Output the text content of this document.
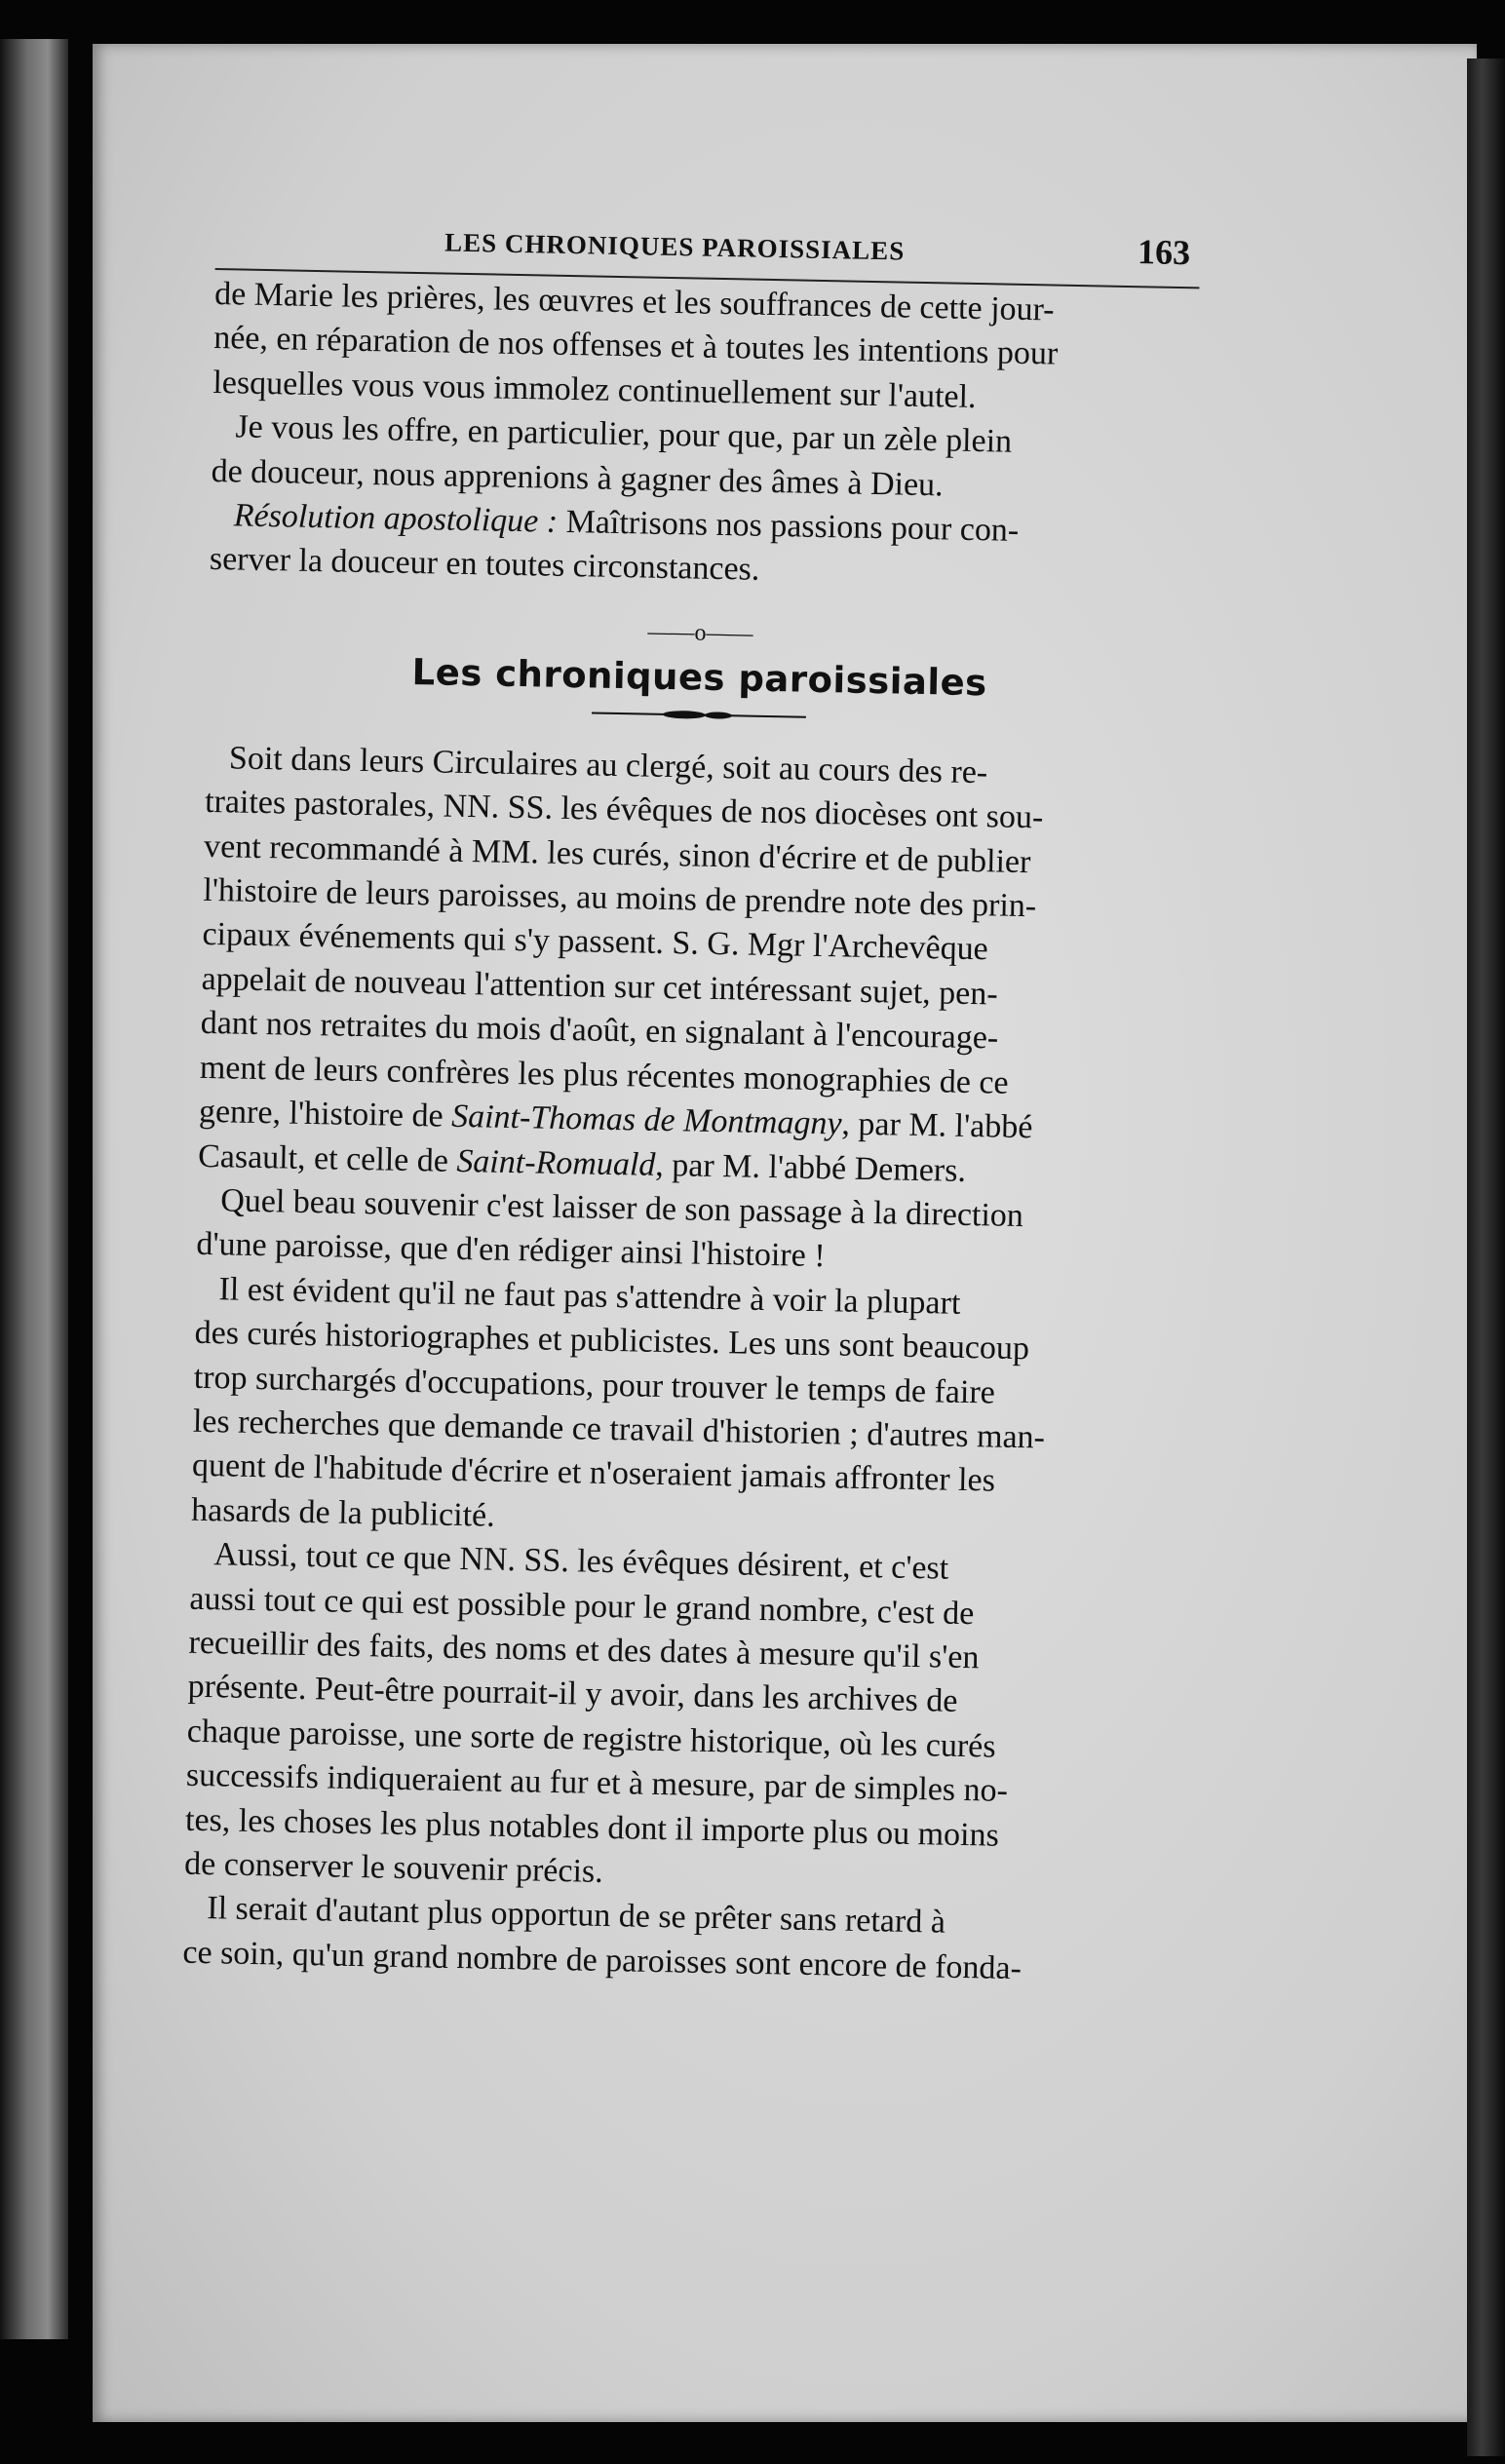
LES CHRONIQUES PAROISSIALES	163

de Marie les prières, les œuvres et les souffrances de cette jour-
née, en réparation de nos offenses et à toutes les intentions pour
lesquelles vous vous immolez continuellement sur l'autel.

Je vous les offre, en particulier, pour que, par un zèle plein
de douceur, nous apprenions à gagner des âmes à Dieu.

Résolution apostolique : Maîtrisons nos passions pour con-
server la douceur en toutes circonstances.

——o——
Les chroniques paroissiales

Soit dans leurs Circulaires au clergé, soit au cours des re-
traites pastorales, NN. SS. les évêques de nos diocèses ont sou-
vent recommandé à MM. les curés, sinon d'écrire et de publier
l'histoire de leurs paroisses, au moins de prendre note des prin-
cipaux événements qui s'y passent. S. G. Mgr l'Archevêque
appelait de nouveau l'attention sur cet intéressant sujet, pen-
dant nos retraites du mois d'août, en signalant à l'encourage-
ment de leurs confrères les plus récentes monographies de ce
genre, l'histoire de Saint-Thomas de Montmagny, par M. l'abbé
Casault, et celle de Saint-Romuald, par M. l'abbé Demers.

Quel beau souvenir c'est laisser de son passage à la direction
d'une paroisse, que d'en rédiger ainsi l'histoire !

Il est évident qu'il ne faut pas s'attendre à voir la plupart
des curés historiographes et publicistes. Les uns sont beaucoup
trop surchargés d'occupations, pour trouver le temps de faire
les recherches que demande ce travail d'historien ; d'autres man-
quent de l'habitude d'écrire et n'oseraient jamais affronter les
hasards de la publicité.

Aussi, tout ce que NN. SS. les évêques désirent, et c'est
aussi tout ce qui est possible pour le grand nombre, c'est de
recueillir des faits, des noms et des dates à mesure qu'il s'en
présente. Peut-être pourrait-il y avoir, dans les archives de
chaque paroisse, une sorte de registre historique, où les curés
successifs indiqueraient au fur et à mesure, par de simples no-
tes, les choses les plus notables dont il importe plus ou moins
de conserver le souvenir précis.

Il serait d'autant plus opportun de se prêter sans retard à
ce soin, qu'un grand nombre de paroisses sont encore de fonda-
